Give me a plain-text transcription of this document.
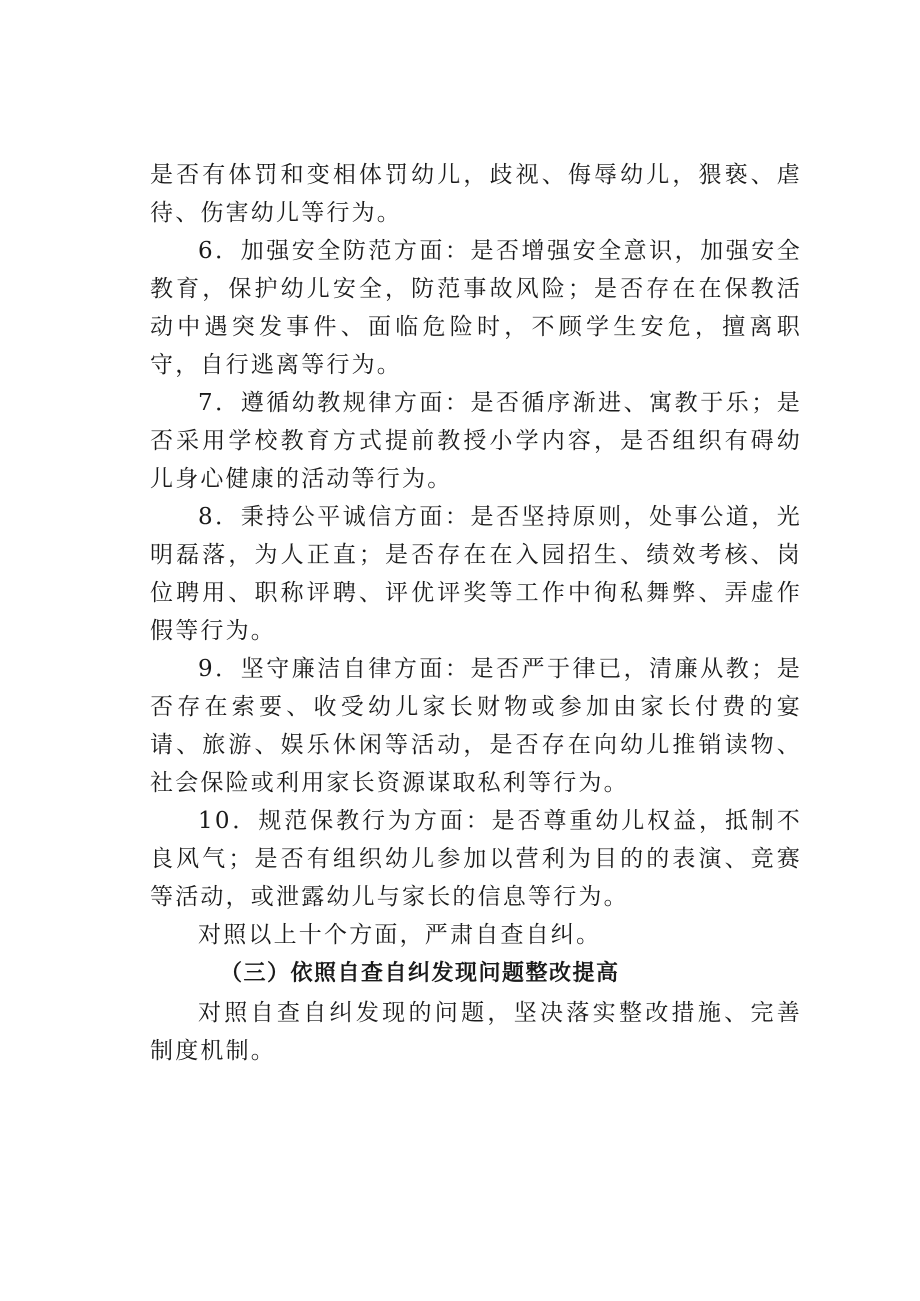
是否有体罚和变相体罚幼儿，歧视、侮辱幼儿，猥亵、虐待、伤害幼儿等行为。

6．加强安全防范方面：是否增强安全意识，加强安全教育，保护幼儿安全，防范事故风险；是否存在在保教活动中遇突发事件、面临危险时，不顾学生安危，擅离职守，自行逃离等行为。

7．遵循幼教规律方面：是否循序渐进、寓教于乐；是否采用学校教育方式提前教授小学内容，是否组织有碍幼儿身心健康的活动等行为。

8．秉持公平诚信方面：是否坚持原则，处事公道，光明磊落，为人正直；是否存在在入园招生、绩效考核、岗位聘用、职称评聘、评优评奖等工作中徇私舞弊、弄虚作假等行为。

9．坚守廉洁自律方面：是否严于律已，清廉从教；是否存在索要、收受幼儿家长财物或参加由家长付费的宴请、旅游、娱乐休闲等活动，是否存在向幼儿推销读物、社会保险或利用家长资源谋取私利等行为。

10．规范保教行为方面：是否尊重幼儿权益，抵制不良风气；是否有组织幼儿参加以营利为目的的表演、竞赛等活动，或泄露幼儿与家长的信息等行为。

对照以上十个方面，严肃自查自纠。

（三）依照自查自纠发现问题整改提高

对照自查自纠发现的问题，坚决落实整改措施、完善制度机制。
